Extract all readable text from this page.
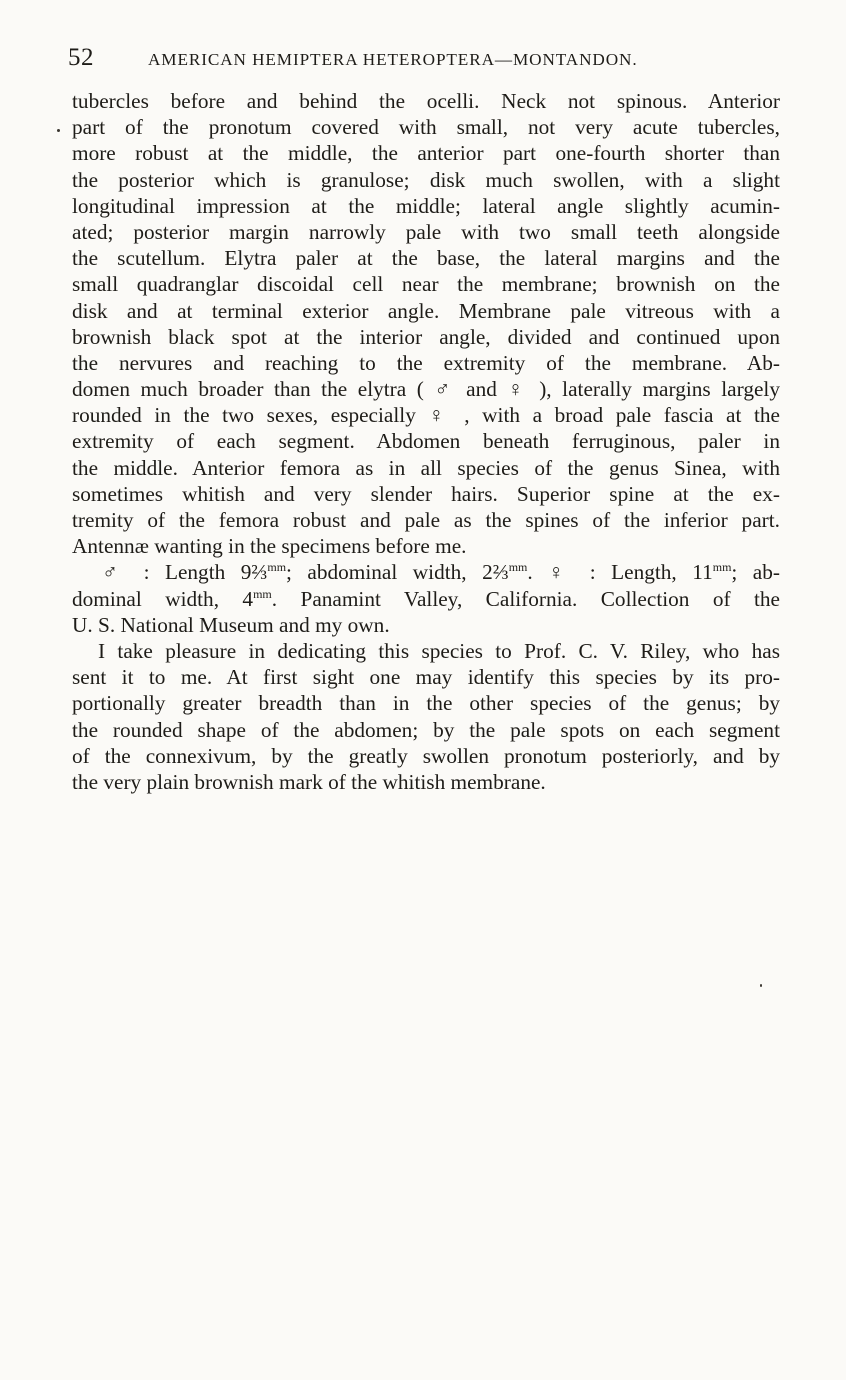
52	AMERICAN HEMIPTERA HETEROPTERA—MONTANDON.
tubercles before and behind the ocelli. Neck not spinous. Anterior
part of the pronotum covered with small, not very acute tubercles,
more robust at the middle, the anterior part one-fourth shorter than
the posterior which is granulose; disk much swollen, with a slight
longitudinal impression at the middle; lateral angle slightly acumin-
ated; posterior margin narrowly pale with two small teeth alongside
the scutellum. Elytra paler at the base, the lateral margins and the
small quadranglar discoidal cell near the membrane; brownish on the
disk and at terminal exterior angle. Membrane pale vitreous with a
brownish black spot at the interior angle, divided and continued upon
the nervures and reaching to the extremity of the membrane. Ab-
domen much broader than the elytra ( ♂ and ♀ ), laterally margins largely
rounded in the two sexes, especially ♀ , with a broad pale fascia at the
extremity of each segment. Abdomen beneath ferruginous, paler in
the middle. Anterior femora as in all species of the genus Sinea, with
sometimes whitish and very slender hairs. Superior spine at the ex-
tremity of the femora robust and pale as the spines of the inferior part.
Antennæ wanting in the specimens before me.
♂ : Length 9⅔$^{mm}$; abdominal width, 2⅔$^{mm}$. ♀ : Length, $11^{mm}$; ab-
dominal width, $4^{mm}$. Panamint Valley, California. Collection of the
U. S. National Museum and my own.
I take pleasure in dedicating this species to Prof. C. V. Riley, who has
sent it to me. At first sight one may identify this species by its pro-
portionally greater breadth than in the other species of the genus; by
the rounded shape of the abdomen; by the pale spots on each segment
of the connexivum, by the greatly swollen pronotum posteriorly, and by
the very plain brownish mark of the whitish membrane.
